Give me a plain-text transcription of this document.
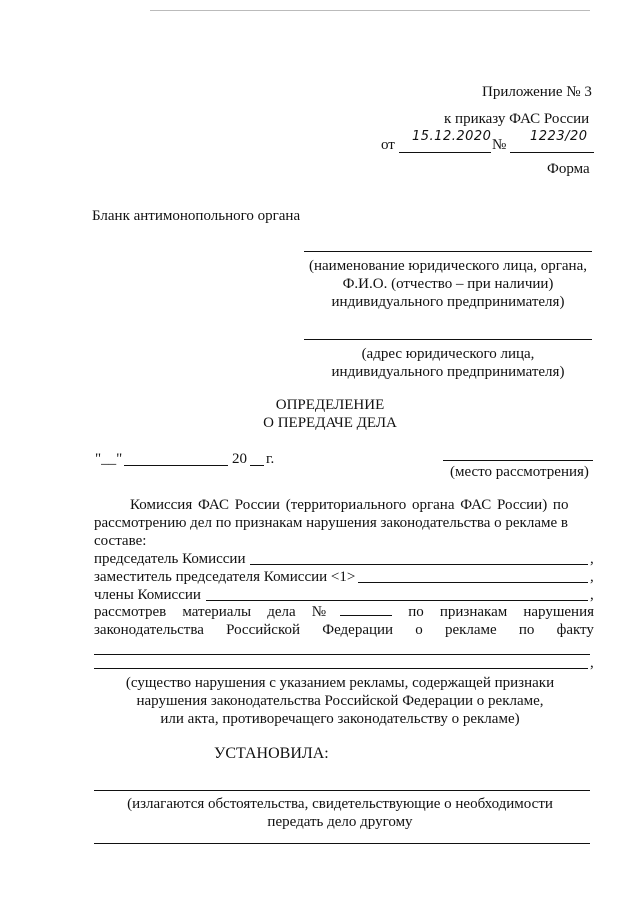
Приложение № 3
к приказу ФАС России
от
15.12.2020
№
1223/20
Форма
Бланк антимонопольного органа
(наименование юридического лица, органа,
Ф.И.О. (отчество – при наличии)
индивидуального предпринимателя)
(адрес юридического лица,
индивидуального предпринимателя)
ОПРЕДЕЛЕНИЕ
О ПЕРЕДАЧЕ ДЕЛА
"__"	20 г.
(место рассмотрения)
Комиссия ФАС России (территориального органа ФАС России) по
рассмотрению дел по признакам нарушения законодательства о рекламе в
составе:
председатель Комиссии	,
заместитель председателя Комиссии <1>	,
члены Комиссии	,
рассмотрев материалы дела №	по признакам нарушения
законодательства Российской Федерации о рекламе по факту
,
(существо нарушения с указанием рекламы, содержащей признаки
нарушения законодательства Российской Федерации о рекламе,
или акта, противоречащего законодательству о рекламе)
УСТАНОВИЛА:
(излагаются обстоятельства, свидетельствующие о необходимости
передать дело другому
